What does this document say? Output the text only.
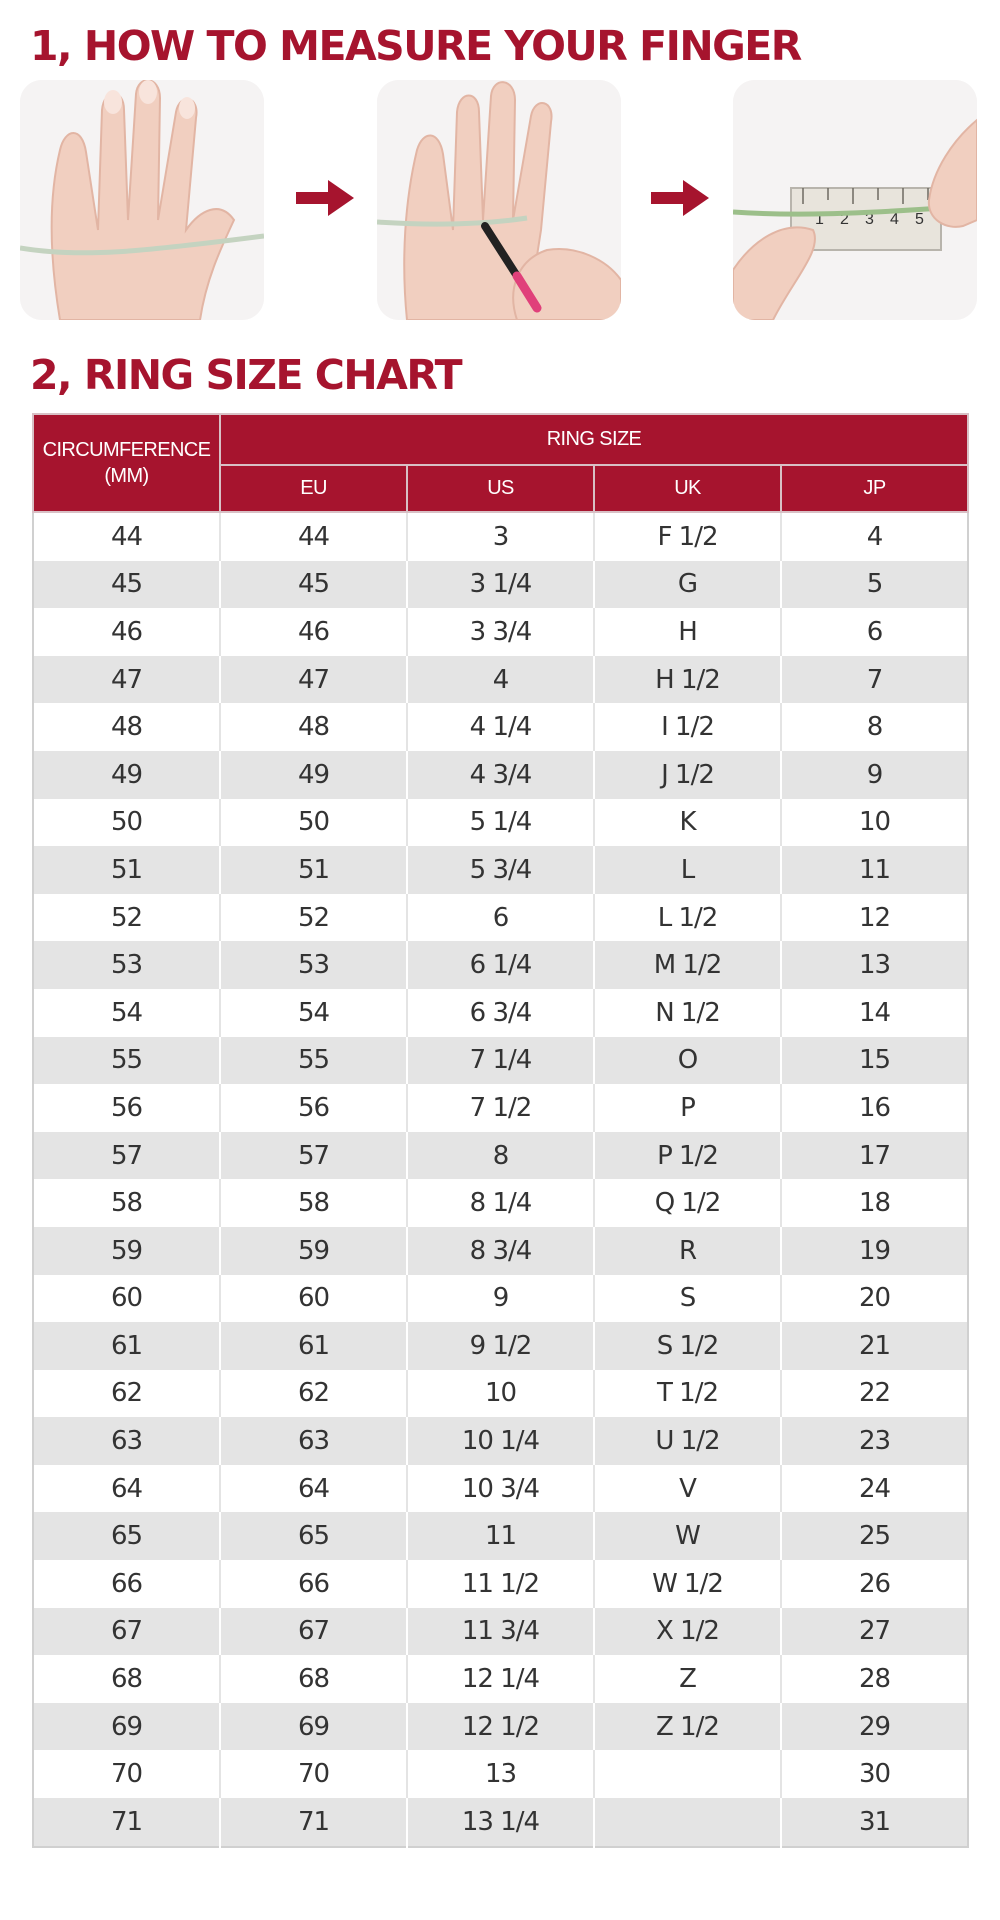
1, HOW TO MEASURE YOUR FINGER
1 2 3 4 5
2, RING SIZE CHART
CIRCUMFERENCE
(MM)	RING SIZE			
	EU	US	UK	JP
44	44	3	F 1/2	4
45	45	3 1/4	G	5
46	46	3 3/4	H	6
47	47	4	H 1/2	7
48	48	4 1/4	I 1/2	8
49	49	4 3/4	J 1/2	9
50	50	5 1/4	K	10
51	51	5 3/4	L	11
52	52	6	L 1/2	12
53	53	6 1/4	M 1/2	13
54	54	6 3/4	N 1/2	14
55	55	7 1/4	O	15
56	56	7 1/2	P	16
57	57	8	P 1/2	17
58	58	8 1/4	Q 1/2	18
59	59	8 3/4	R	19
60	60	9	S	20
61	61	9 1/2	S 1/2	21
62	62	10	T 1/2	22
63	63	10 1/4	U 1/2	23
64	64	10 3/4	V	24
65	65	11	W	25
66	66	11 1/2	W 1/2	26
67	67	11 3/4	X 1/2	27
68	68	12 1/4	Z	28
69	69	12 1/2	Z 1/2	29
70	70	13		30
71	71	13 1/4		31
